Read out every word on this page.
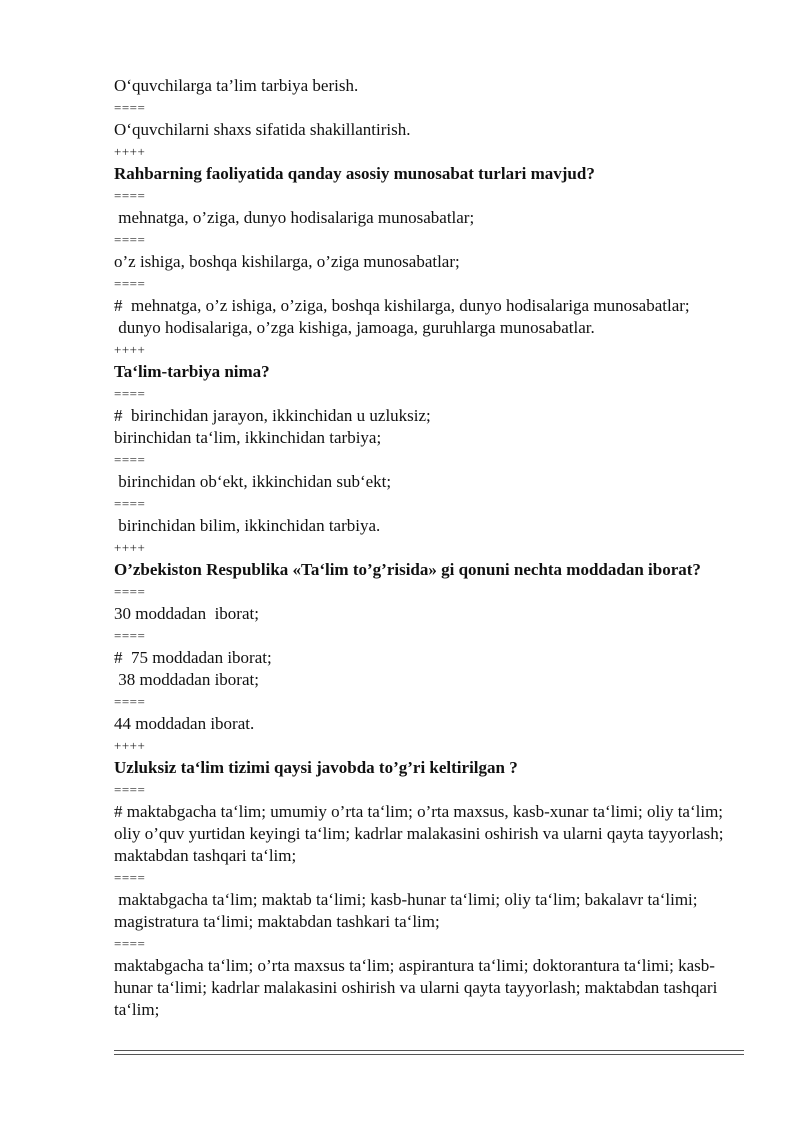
O‘quvchilarga ta’lim tarbiya berish.

====

O‘quvchilarni shaxs sifatida shakillantirish.

++++

Rahbarning faoliyatida qanday asosiy munosabat turlari mavjud?

====

mehnatga, o’ziga, dunyo hodisalariga munosabatlar;

====

o’z ishiga, boshqa kishilarga, o’ziga munosabatlar;

====

#  mehnatga, o’z ishiga, o’ziga, boshqa kishilarga, dunyo hodisalariga munosabatlar;

dunyo hodisalariga, o’zga kishiga, jamoaga, guruhlarga munosabatlar.

++++

Ta‘lim-tarbiya nima?

====

#  birinchidan jarayon, ikkinchidan u uzluksiz;

birinchidan ta‘lim, ikkinchidan tarbiya;

====

birinchidan ob‘ekt, ikkinchidan sub‘ekt;

====

birinchidan bilim, ikkinchidan tarbiya.

++++

O’zbekiston Respublika «Ta‘lim to’g’risida» gi qonuni nechta moddadan iborat?

====

30 moddadan  iborat;

====

#  75 moddadan iborat;

38 moddadan iborat;

====

44 moddadan iborat.

++++

Uzluksiz ta‘lim tizimi qaysi javobda to’g’ri keltirilgan ?

====

# maktabgacha ta‘lim; umumiy o’rta ta‘lim; o’rta maxsus, kasb-xunar ta‘limi; oliy ta‘lim; oliy o’quv yurtidan keyingi ta‘lim; kadrlar malakasini oshirish va ularni qayta tayyorlash; maktabdan tashqari ta‘lim;

====

maktabgacha ta‘lim; maktab ta‘limi; kasb-hunar ta‘limi; oliy ta‘lim; bakalavr ta‘limi; magistratura ta‘limi; maktabdan tashkari ta‘lim;

====

maktabgacha ta‘lim; o’rta maxsus ta‘lim; aspirantura ta‘limi; doktorantura ta‘limi; kasb-hunar ta‘limi; kadrlar malakasini oshirish va ularni qayta tayyorlash; maktabdan tashqari ta‘lim;
